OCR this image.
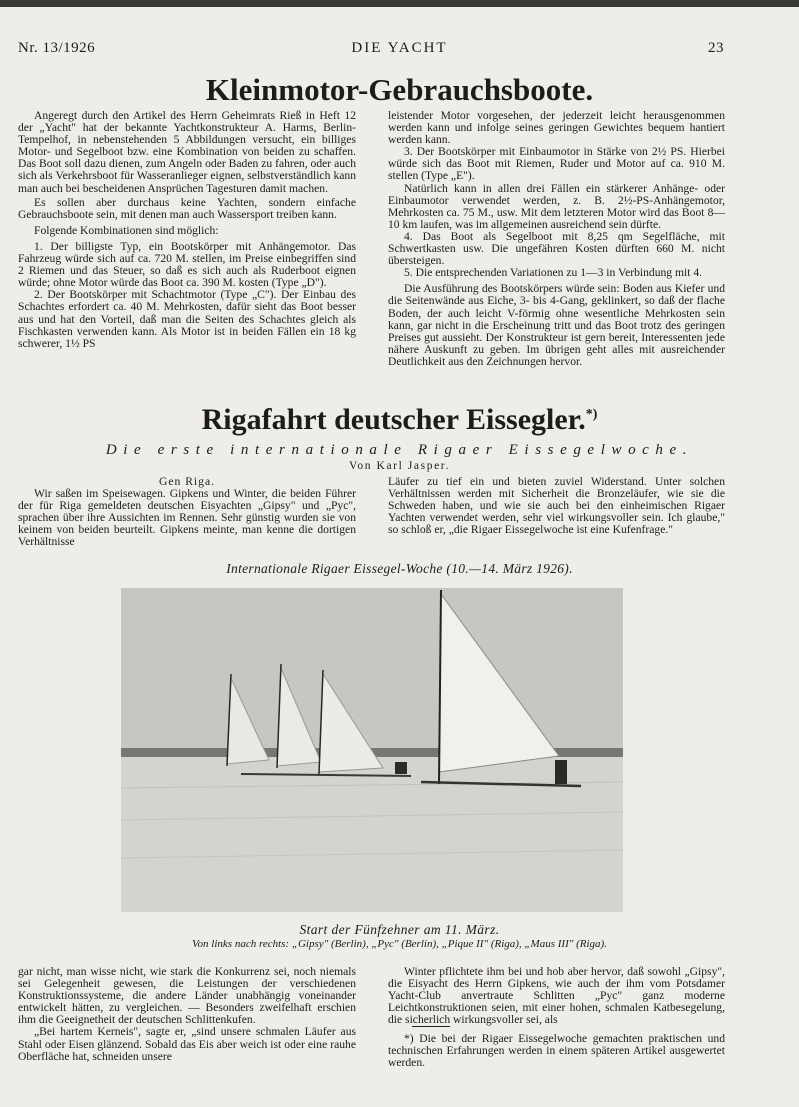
Nr. 13/1926	DIE YACHT	23
Kleinmotor-Gebrauchsboote.

Angeregt durch den Artikel des Herrn Geheimrats Rieß in Heft 12 der „Yacht" hat der bekannte Yachtkonstrukteur A. Harms, Berlin-Tempelhof, in nebenstehenden 5 Abbildungen versucht, ein billiges Motor- und Segelboot bzw. eine Kombination von beiden zu schaffen. Das Boot soll dazu dienen, zum Angeln oder Baden zu fahren, oder auch sich als Verkehrsboot für Wasseranlieger eignen, selbstverständlich kann man auch bei bescheidenen Ansprüchen Tagesturen damit machen.

Es sollen aber durchaus keine Yachten, sondern einfache Gebrauchsboote sein, mit denen man auch Wassersport treiben kann.

Folgende Kombinationen sind möglich:

1. Der billigste Typ, ein Bootskörper mit Anhängemotor. Das Fahrzeug würde sich auf ca. 720 M. stellen, im Preise einbegriffen sind 2 Riemen und das Steuer, so daß es sich auch als Ruderboot eignen würde; ohne Motor würde das Boot ca. 390 M. kosten (Type „D").

2. Der Bootskörper mit Schachtmotor (Type „C"). Der Einbau des Schachtes erfordert ca. 40 M. Mehrkosten, dafür sieht das Boot besser aus und hat den Vorteil, daß man die Seiten des Schachtes gleich als Fischkasten verwenden kann. Als Motor ist in beiden Fällen ein 18 kg schwerer, 1½ PS

leistender Motor vorgesehen, der jederzeit leicht herausgenommen werden kann und infolge seines geringen Gewichtes bequem hantiert werden kann.

3. Der Bootskörper mit Einbaumotor in Stärke von 2½ PS. Hierbei würde sich das Boot mit Riemen, Ruder und Motor auf ca. 910 M. stellen (Type „E").

Natürlich kann in allen drei Fällen ein stärkerer Anhänge- oder Einbaumotor verwendet werden, z. B. 2½-PS-Anhängemotor, Mehrkosten ca. 75 M., usw. Mit dem letzteren Motor wird das Boot 8—10 km laufen, was im allgemeinen ausreichend sein dürfte.

4. Das Boot als Segelboot mit 8,25 qm Segelfläche, mit Schwertkasten usw. Die ungefähren Kosten dürften 660 M. nicht übersteigen.

5. Die entsprechenden Variationen zu 1—3 in Verbindung mit 4.

Die Ausführung des Bootskörpers würde sein: Boden aus Kiefer und die Seitenwände aus Eiche, 3- bis 4-Gang, geklinkert, so daß der flache Boden, der auch leicht V-förmig ohne wesentliche Mehrkosten sein kann, gar nicht in die Erscheinung tritt und das Boot trotz des geringen Preises gut aussieht. Der Konstrukteur ist gern bereit, Interessenten jede nähere Auskunft zu geben. Im übrigen geht alles mit ausreichender Deutlichkeit aus den Zeichnungen hervor.

Rigafahrt deutscher Eissegler.*)
Die erste internationale Rigaer Eissegelwoche.
Von Karl Jasper.

Gen Riga.

Wir saßen im Speisewagen. Gipkens und Winter, die beiden Führer der für Riga gemeldeten deutschen Eisyachten „Gipsy" und „Pyc", sprachen über ihre Aussichten im Rennen. Sehr günstig wurden sie von keinem von beiden beurteilt. Gipkens meinte, man kenne die dortigen Verhältnisse

Läufer zu tief ein und bieten zuviel Widerstand. Unter solchen Verhältnissen werden mit Sicherheit die Bronzeläufer, wie sie die Schweden haben, und wie sie auch bei den einheimischen Rigaer Yachten verwendet werden, sehr viel wirkungsvoller sein. Ich glaube," so schloß er, „die Rigaer Eissegelwoche ist eine Kufenfrage."

Internationale Rigaer Eissegel-Woche (10.—14. März 1926).
Start der Fünfzehner am 11. März.
Von links nach rechts: „Gipsy" (Berlin), „Pyc" (Berlin), „Pique II" (Riga), „Maus III" (Riga).

gar nicht, man wisse nicht, wie stark die Konkurrenz sei, noch niemals sei Gelegenheit gewesen, die Leistungen der verschiedenen Konstruktionssysteme, die andere Länder unabhängig voneinander entwickelt hätten, zu vergleichen. — Besonders zweifelhaft erschien ihm die Geeignetheit der deutschen Schlittenkufen.

„Bei hartem Kerneis", sagte er, „sind unsere schmalen Läufer aus Stahl oder Eisen glänzend. Sobald das Eis aber weich ist oder eine rauhe Oberfläche hat, schneiden unsere

Winter pflichtete ihm bei und hob aber hervor, daß sowohl „Gipsy", die Eisyacht des Herrn Gipkens, wie auch der ihm vom Potsdamer Yacht-Club anvertraute Schlitten „Pyc" ganz moderne Leichtkonstruktionen seien, mit einer hohen, schmalen Katbesegelung, die sicherlich wirkungsvoller sei, als

*) Die bei der Rigaer Eissegelwoche gemachten praktischen und technischen Erfahrungen werden in einem späteren Artikel ausgewertet werden.
